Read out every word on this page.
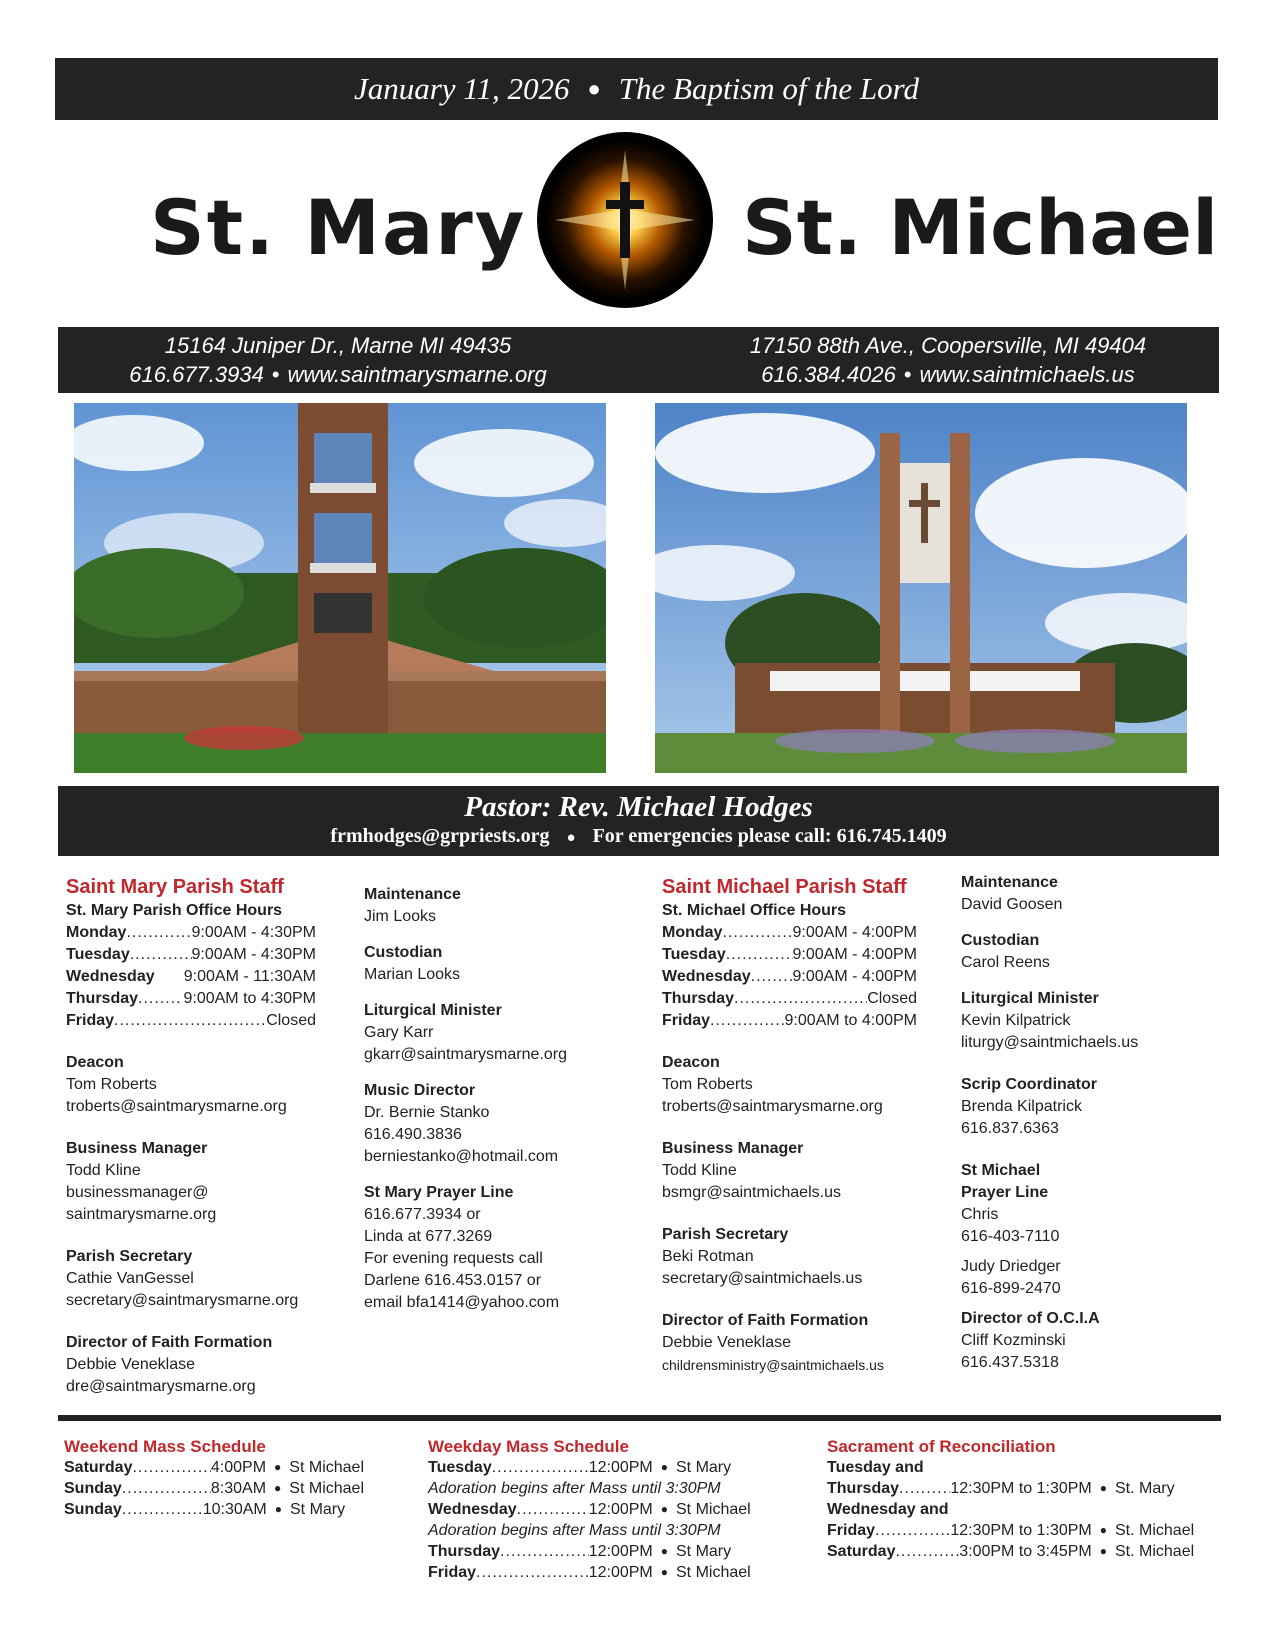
January 11, 2026 ● The Baptism of the Lord
St. Mary	St. Michael
15164 Juniper Dr., Marne MI 49435
616.677.3934 • www.saintmarysmarne.org
17150 88th Ave., Coopersville, MI 49404
616.384.4026 • www.saintmichaels.us
Pastor: Rev. Michael Hodges
frmhodges@grpriests.org ● For emergencies please call: 616.745.1409
Saint Mary Parish Staff
St. Mary Parish Office Hours
Monday .....	9:00AM - 4:30PM
Tuesday .....	9:00AM - 4:30PM
Wednesday 9:00AM - 11:30AM
Thursday .....	9:00AM to 4:30PM
Friday .....	Closed
Deacon
Tom Roberts
troberts@saintmarysmarne.org
Business Manager
Todd Kline
businessmanager@
saintmarysmarne.org
Parish Secretary
Cathie VanGessel
secretary@saintmarysmarne.org
Director of Faith Formation
Debbie Veneklase
dre@saintmarysmarne.org
Maintenance
Jim Looks
Custodian
Marian Looks
Liturgical Minister
Gary Karr
gkarr@saintmarysmarne.org
Music Director
Dr. Bernie Stanko
616.490.3836
berniestanko@hotmail.com
St Mary Prayer Line
616.677.3934 or
Linda at 677.3269
For evening requests call
Darlene 616.453.0157 or
email bfa1414@yahoo.com
Saint Michael Parish Staff
St. Michael Office Hours
Monday .....	9:00AM - 4:00PM
Tuesday .....	9:00AM - 4:00PM
Wednesday .....	9:00AM - 4:00PM
Thursday .....	Closed
Friday .....	9:00AM to 4:00PM
Deacon
Tom Roberts
troberts@saintmarysmarne.org
Business Manager
Todd Kline
bsmgr@saintmichaels.us
Parish Secretary
Beki Rotman
secretary@saintmichaels.us
Director of Faith Formation
Debbie Veneklase
childrensministry@saintmichaels.us
Maintenance
David Goosen
Custodian
Carol Reens
Liturgical Minister
Kevin Kilpatrick
liturgy@saintmichaels.us
Scrip Coordinator
Brenda Kilpatrick
616.837.6363
St Michael
Prayer Line
Chris
616-403-7110
Judy Driedger
616-899-2470
Director of O.C.I.A
Cliff Kozminski
616.437.5318
Weekend Mass Schedule
Saturday .....	4:00PM ● St Michael
Sunday .....	8:30AM ● St Michael
Sunday .....	10:30AM ● St Mary
Weekday Mass Schedule
Tuesday .....	12:00PM ● St Mary
Adoration begins after Mass until 3:30PM
Wednesday .....	12:00PM ● St Michael
Adoration begins after Mass until 3:30PM
Thursday .....	12:00PM ● St Mary
Friday .....	12:00PM ● St Michael
Sacrament of Reconciliation
Tuesday and
Thursday .....	12:30PM to 1:30PM ● St. Mary
Wednesday and
Friday .....	12:30PM to 1:30PM ● St. Michael
Saturday .....	3:00PM to 3:45PM ● St. Michael
